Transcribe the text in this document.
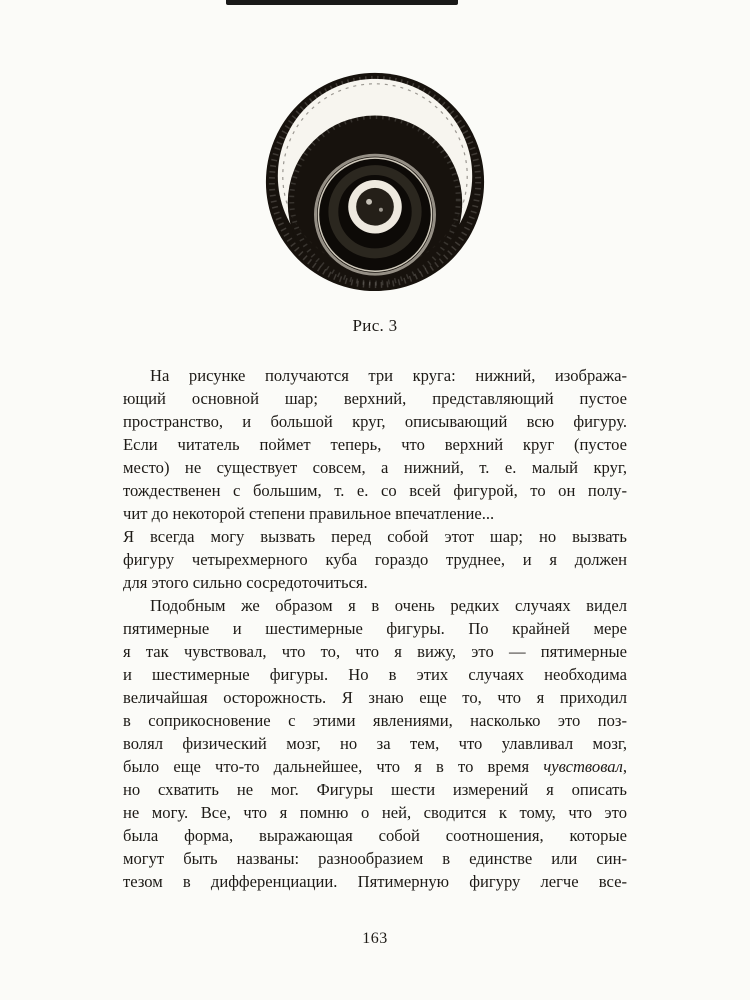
Рис. 3
На рисунке получаются три круга: нижний, изобража-
ющий основной шар; верхний, представляющий пустое
пространство, и большой круг, описывающий всю фигуру.
Если читатель поймет теперь, что верхний круг (пустое
место) не существует совсем, а нижний, т. е. малый круг,
тождественен с большим, т. е. со всей фигурой, то он полу-
чит до некоторой степени правильное впечатление...
Я всегда могу вызвать перед собой этот шар; но вызвать
фигуру четырехмерного куба гораздо труднее, и я должен
для этого сильно сосредоточиться.
Подобным же образом я в очень редких случаях видел
пятимерные и шестимерные фигуры. По крайней мере
я так чувствовал, что то, что я вижу, это — пятимерные
и шестимерные фигуры. Но в этих случаях необходима
величайшая осторожность. Я знаю еще то, что я приходил
в соприкосновение с этими явлениями, насколько это поз-
волял физический мозг, но за тем, что улавливал мозг,
было еще что-то дальнейшее, что я в то время чувствовал,
но схватить не мог. Фигуры шести измерений я описать
не могу. Все, что я помню о ней, сводится к тому, что это
была форма, выражающая собой соотношения, которые
могут быть названы: разнообразием в единстве или син-
тезом в дифференциации. Пятимерную фигуру легче все-
163
